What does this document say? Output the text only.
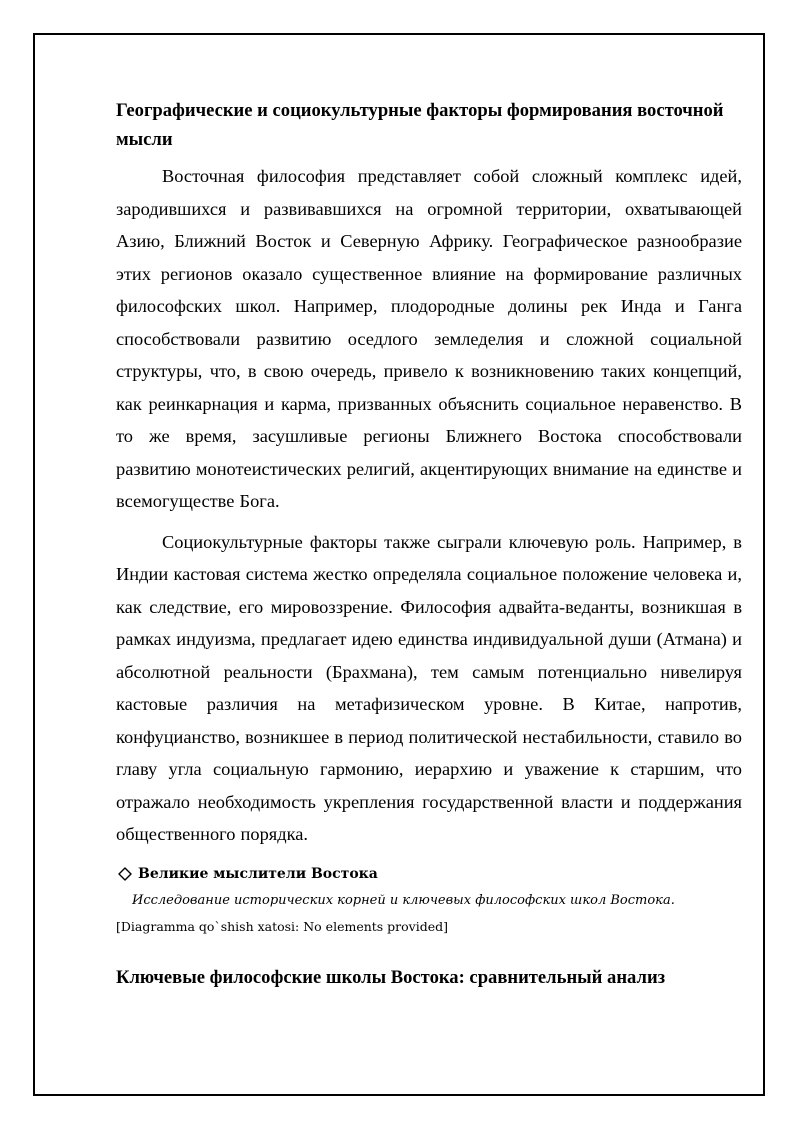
Географические и социокультурные факторы формирования восточной мысли

Восточная философия представляет собой сложный комплекс идей, зародившихся и развивавшихся на огромной территории, охватывающей Азию, Ближний Восток и Северную Африку. Географическое разнообразие этих регионов оказало существенное влияние на формирование различных философских школ. Например, плодородные долины рек Инда и Ганга способствовали развитию оседлого земледелия и сложной социальной структуры, что, в свою очередь, привело к возникновению таких концепций, как реинкарнация и карма, призванных объяснить социальное неравенство. В то же время, засушливые регионы Ближнего Востока способствовали развитию монотеистических религий, акцентирующих внимание на единстве и всемогуществе Бога.

Социокультурные факторы также сыграли ключевую роль. Например, в Индии кастовая система жестко определяла социальное положение человека и, как следствие, его мировоззрение. Философия адвайта-веданты, возникшая в рамках индуизма, предлагает идею единства индивидуальной души (Атмана) и абсолютной реальности (Брахмана), тем самым потенциально нивелируя кастовые различия на метафизическом уровне. В Китае, напротив, конфуцианство, возникшее в период политической нестабильности, ставило во главу угла социальную гармонию, иерархию и уважение к старшим, что отражало необходимость укрепления государственной власти и поддержания общественного порядка.

Великие мыслители Востока
Исследование исторических корней и ключевых философских школ Востока.
[Diagramma qo`shish xatosi: No elements provided]
Ключевые философские школы Востока: сравнительный анализ
